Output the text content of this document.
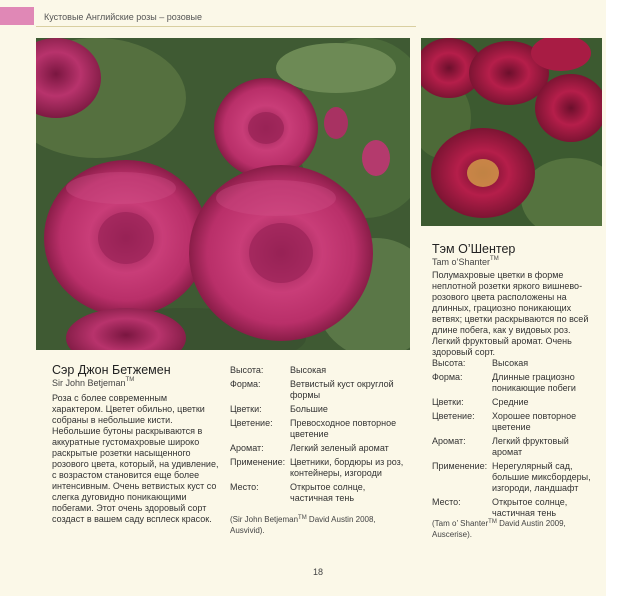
Кустовые Английские розы – розовые
Сэр Джон Бетжемен
Sir John Betjeman™

Роза с более современным характером. Цветет обильно, цветки собраны в небольшие кисти. Небольшие бутоны раскрываются в аккуратные густомахровые широко раскрытые розетки насыщенного розового цвета, который, на удивление, с возрастом становится еще более интенсивным. Очень ветвистых куст со слегка дуговидно поникающими побегами. Этот очень здоровый сорт создаст в вашем саду всплеск красок.

Высота:	Высокая
Форма:	Ветвистый куст округлой формы
Цветки:	Большие
Цветение:	Превосходное повторное цветение
Аромат:	Легкий зеленый аромат
Применение:	Цветники, бордюры из роз, контейнеры, изгороди
Место:	Открытое солнце, частичная тень

(Sir John Betjeman™ David Austin 2008, Ausvivid).

Тэм О’Шентер
Tam o’Shanter™

Полумахровые цветки в форме неплотной розетки яркого вишнево-розового цвета расположены на длинных, грациозно поникающих ветвях; цветки раскрываются по всей длине побега, как у видовых роз. Легкий фруктовый аромат. Очень здоровый сорт.

Высота:	Высокая
Форма:	Длинные грациозно поникающие побеги
Цветки:	Средние
Цветение:	Хорошее повторное цветение
Аромат:	Легкий фруктовый аромат
Применение:	Нерегулярный сад, большие миксбордеры, изгороди, ландшафт
Место:	Открытое солнце, частичная тень

(Tam o’ Shanter™ David Austin 2009, Auscerise).

18
